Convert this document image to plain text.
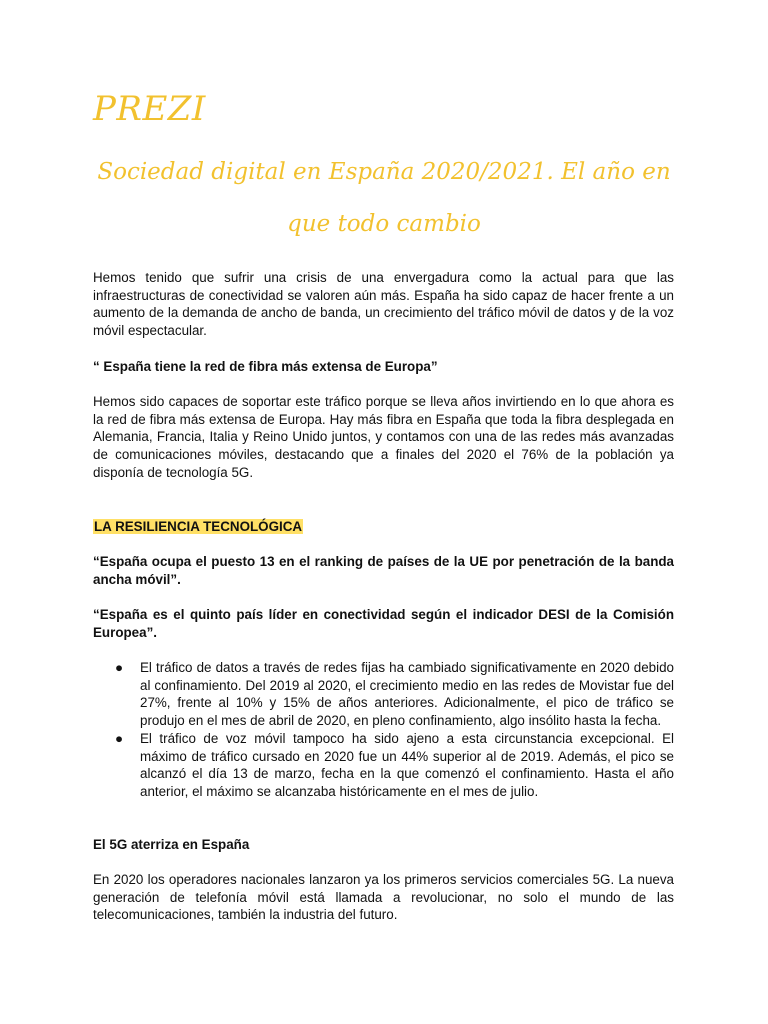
PREZI
Sociedad digital en España 2020/2021. El año en que todo cambio
Hemos tenido que sufrir una crisis de una envergadura como la actual para que las infraestructuras de conectividad se valoren aún más. España ha sido capaz de hacer frente a un aumento de la demanda de ancho de banda, un crecimiento del tráfico móvil de datos y de la voz móvil espectacular.
“ España tiene la red de fibra más extensa de Europa”
Hemos sido capaces de soportar este tráfico porque se lleva años invirtiendo en lo que ahora es la red de fibra más extensa de Europa. Hay más fibra en España que toda la fibra desplegada en Alemania, Francia, Italia y Reino Unido juntos, y contamos con una de las redes más avanzadas de comunicaciones móviles, destacando que a finales del 2020 el 76% de la población ya disponía de tecnología 5G.
LA RESILIENCIA TECNOLÓGICA
“España ocupa el puesto 13 en el ranking de países de la UE por penetración de la banda ancha móvil”.
“España es el quinto país líder en conectividad según el indicador DESI de la Comisión Europea”.
● El tráfico de datos a través de redes fijas ha cambiado significativamente en 2020 debido al confinamiento. Del 2019 al 2020, el crecimiento medio en las redes de Movistar fue del 27%, frente al 10% y 15% de años anteriores. Adicionalmente, el pico de tráfico se produjo en el mes de abril de 2020, en pleno confinamiento, algo insólito hasta la fecha.
● El tráfico de voz móvil tampoco ha sido ajeno a esta circunstancia excepcional. El máximo de tráfico cursado en 2020 fue un 44% superior al de 2019. Además, el pico se alcanzó el día 13 de marzo, fecha en la que comenzó el confinamiento. Hasta el año anterior, el máximo se alcanzaba históricamente en el mes de julio.
El 5G aterriza en España
En 2020 los operadores nacionales lanzaron ya los primeros servicios comerciales 5G. La nueva generación de telefonía móvil está llamada a revolucionar, no solo el mundo de las telecomunicaciones, también la industria del futuro.
